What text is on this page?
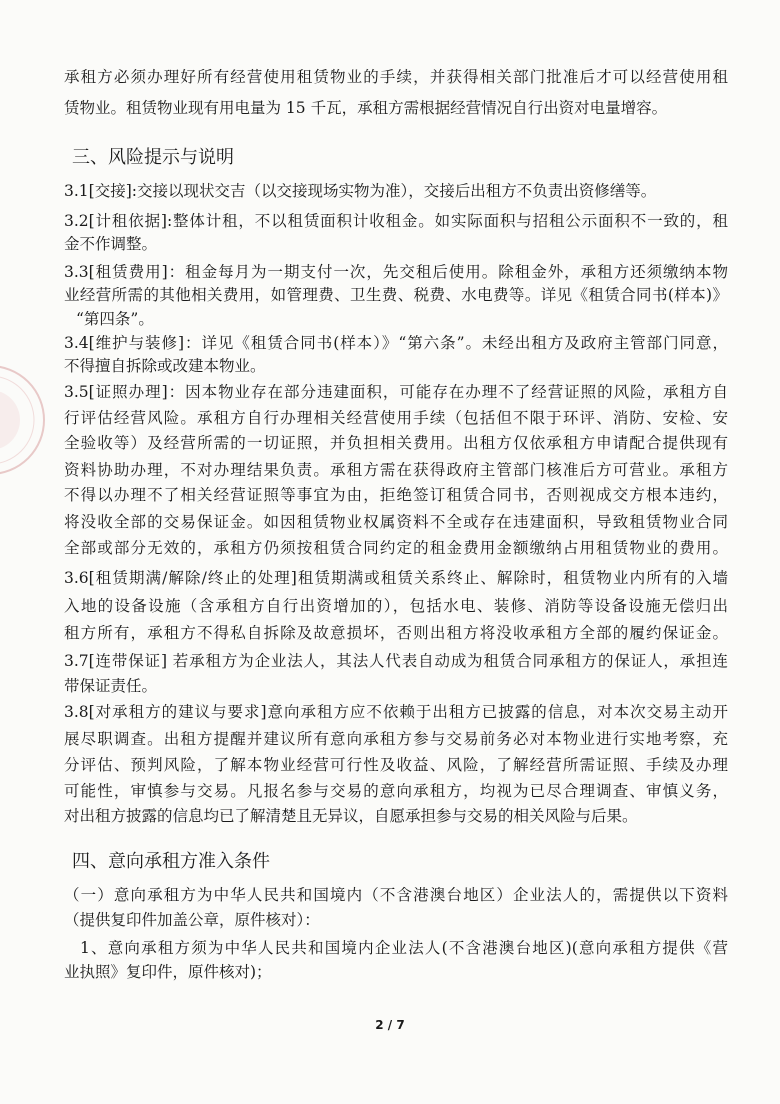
承租方必须办理好所有经营使用租赁物业的手续，并获得相关部门批准后才可以经营使用租
赁物业。租赁物业现有用电量为 15 千瓦，承租方需根据经营情况自行出资对电量增容。
三、风险提示与说明
3.1[交接]:交接以现状交吉（以交接现场实物为准），交接后出租方不负责出资修缮等。
3.2[计租依据]:整体计租，不以租赁面积计收租金。如实际面积与招租公示面积不一致的，租
金不作调整。
3.3[租赁费用]：租金每月为一期支付一次，先交租后使用。除租金外，承租方还须缴纳本物
业经营所需的其他相关费用，如管理费、卫生费、税费、水电费等。详见《租赁合同书(样本)》
“第四条”。
3.4[维护与装修]：详见《租赁合同书(样本）》“第六条”。未经出租方及政府主管部门同意，
不得擅自拆除或改建本物业。
3.5[证照办理]：因本物业存在部分违建面积，可能存在办理不了经营证照的风险，承租方自
行评估经营风险。承租方自行办理相关经营使用手续（包括但不限于环评、消防、安检、安
全验收等）及经营所需的一切证照，并负担相关费用。出租方仅依承租方申请配合提供现有
资料协助办理，不对办理结果负责。承租方需在获得政府主管部门核准后方可营业。承租方
不得以办理不了相关经营证照等事宜为由，拒绝签订租赁合同书，否则视成交方根本违约，
将没收全部的交易保证金。如因租赁物业权属资料不全或存在违建面积，导致租赁物业合同
全部或部分无效的，承租方仍须按租赁合同约定的租金费用金额缴纳占用租赁物业的费用。
3.6[租赁期满/解除/终止的处理]租赁期满或租赁关系终止、解除时，租赁物业内所有的入墙
入地的设备设施（含承租方自行出资增加的），包括水电、装修、消防等设备设施无偿归出
租方所有，承租方不得私自拆除及故意损坏，否则出租方将没收承租方全部的履约保证金。
3.7[连带保证] 若承租方为企业法人，其法人代表自动成为租赁合同承租方的保证人，承担连
带保证责任。
3.8[对承租方的建议与要求]意向承租方应不依赖于出租方已披露的信息，对本次交易主动开
展尽职调查。出租方提醒并建议所有意向承租方参与交易前务必对本物业进行实地考察，充
分评估、预判风险，了解本物业经营可行性及收益、风险，了解经营所需证照、手续及办理
可能性，审慎参与交易。凡报名参与交易的意向承租方，均视为已尽合理调查、审慎义务，
对出租方披露的信息均已了解清楚且无异议，自愿承担参与交易的相关风险与后果。
四、意向承租方准入条件
（一）意向承租方为中华人民共和国境内（不含港澳台地区）企业法人的，需提供以下资料
（提供复印件加盖公章，原件核对）：
1、意向承租方须为中华人民共和国境内企业法人(不含港澳台地区)(意向承租方提供《营
业执照》复印件，原件核对)；
2 / 7
